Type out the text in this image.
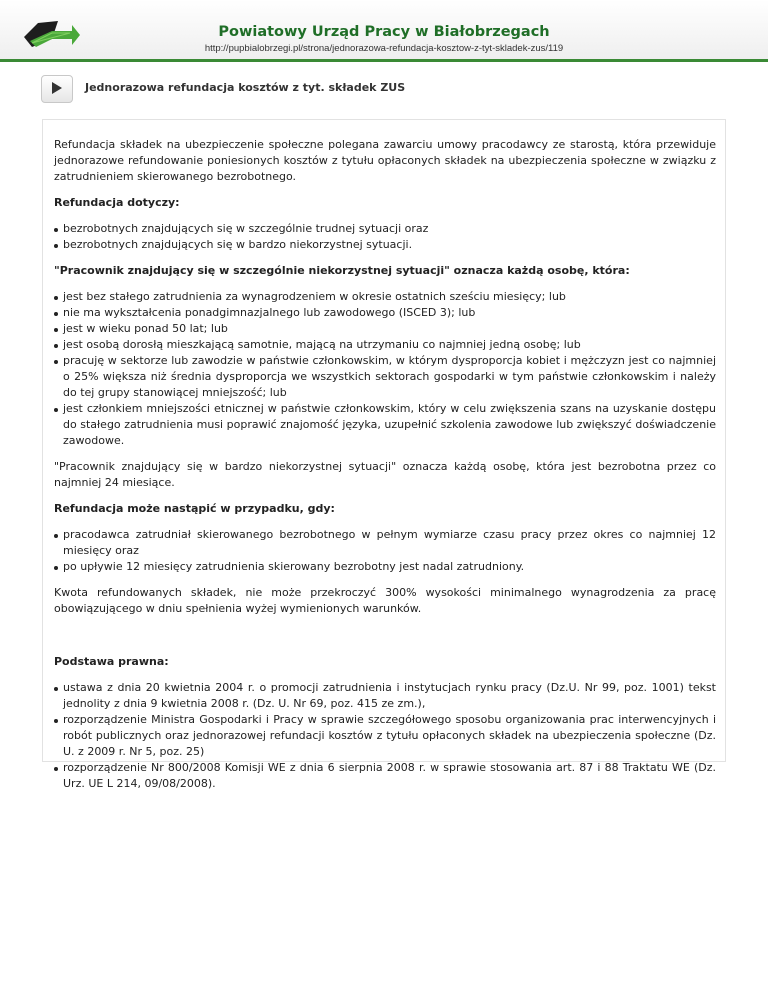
Powiatowy Urząd Pracy w Białobrzegach
http://pupbialobrzegi.pl/strona/jednorazowa-refundacja-kosztow-z-tyt-skladek-zus/119
Jednorazowa refundacja kosztów z tyt. składek ZUS

Refundacja składek na ubezpieczenie społeczne polegana zawarciu umowy pracodawcy ze starostą, która przewiduje jednorazowe refundowanie poniesionych kosztów z tytułu opłaconych składek na ubezpieczenia społeczne w związku z zatrudnieniem skierowanego bezrobotnego.

Refundacja dotyczy:
bezrobotnych znajdujących się w szczególnie trudnej sytuacji oraz
bezrobotnych znajdujących się w bardzo niekorzystnej sytuacji.
"Pracownik znajdujący się w szczególnie niekorzystnej sytuacji" oznacza każdą osobę, która:
jest bez stałego zatrudnienia za wynagrodzeniem w okresie ostatnich sześciu miesięcy; lub
nie ma wykształcenia ponadgimnazjalnego lub zawodowego (ISCED 3); lub
jest w wieku ponad 50 lat; lub
jest osobą dorosłą mieszkającą samotnie, mającą na utrzymaniu co najmniej jedną osobę; lub
pracuję w sektorze lub zawodzie w państwie członkowskim, w którym dysproporcja kobiet i mężczyzn jest co najmniej o 25% większa niż średnia dysproporcja we wszystkich sektorach gospodarki w tym państwie członkowskim i należy do tej grupy stanowiącej mniejszość; lub
jest członkiem mniejszości etnicznej w państwie członkowskim, który w celu zwiększenia szans na uzyskanie dostępu do stałego zatrudnienia musi poprawić znajomość języka, uzupełnić szkolenia zawodowe lub zwiększyć doświadczenie zawodowe.

"Pracownik znajdujący się w bardzo niekorzystnej sytuacji" oznacza każdą osobę, która jest bezrobotna przez co najmniej 24 miesiące.

Refundacja może nastąpić w przypadku, gdy:
pracodawca zatrudniał skierowanego bezrobotnego w pełnym wymiarze czasu pracy przez okres co najmniej 12 miesięcy oraz
po upływie 12 miesięcy zatrudnienia skierowany bezrobotny jest nadal zatrudniony.

Kwota refundowanych składek, nie może przekroczyć 300% wysokości minimalnego wynagrodzenia za pracę obowiązującego w dniu spełnienia wyżej wymienionych warunków.

Podstawa prawna:
ustawa z dnia 20 kwietnia 2004 r. o promocji zatrudnienia i instytucjach rynku pracy (Dz.U. Nr 99, poz. 1001) tekst jednolity z dnia 9 kwietnia 2008 r. (Dz. U. Nr 69, poz. 415 ze zm.),
rozporządzenie Ministra Gospodarki i Pracy w sprawie szczegółowego sposobu organizowania prac interwencyjnych i robót publicznych oraz jednorazowej refundacji kosztów z tytułu opłaconych składek na ubezpieczenia społeczne (Dz. U. z 2009 r. Nr 5, poz. 25)
rozporządzenie Nr 800/2008 Komisji WE z dnia 6 sierpnia 2008 r. w sprawie stosowania art. 87 i 88 Traktatu WE (Dz. Urz. UE L 214, 09/08/2008).
